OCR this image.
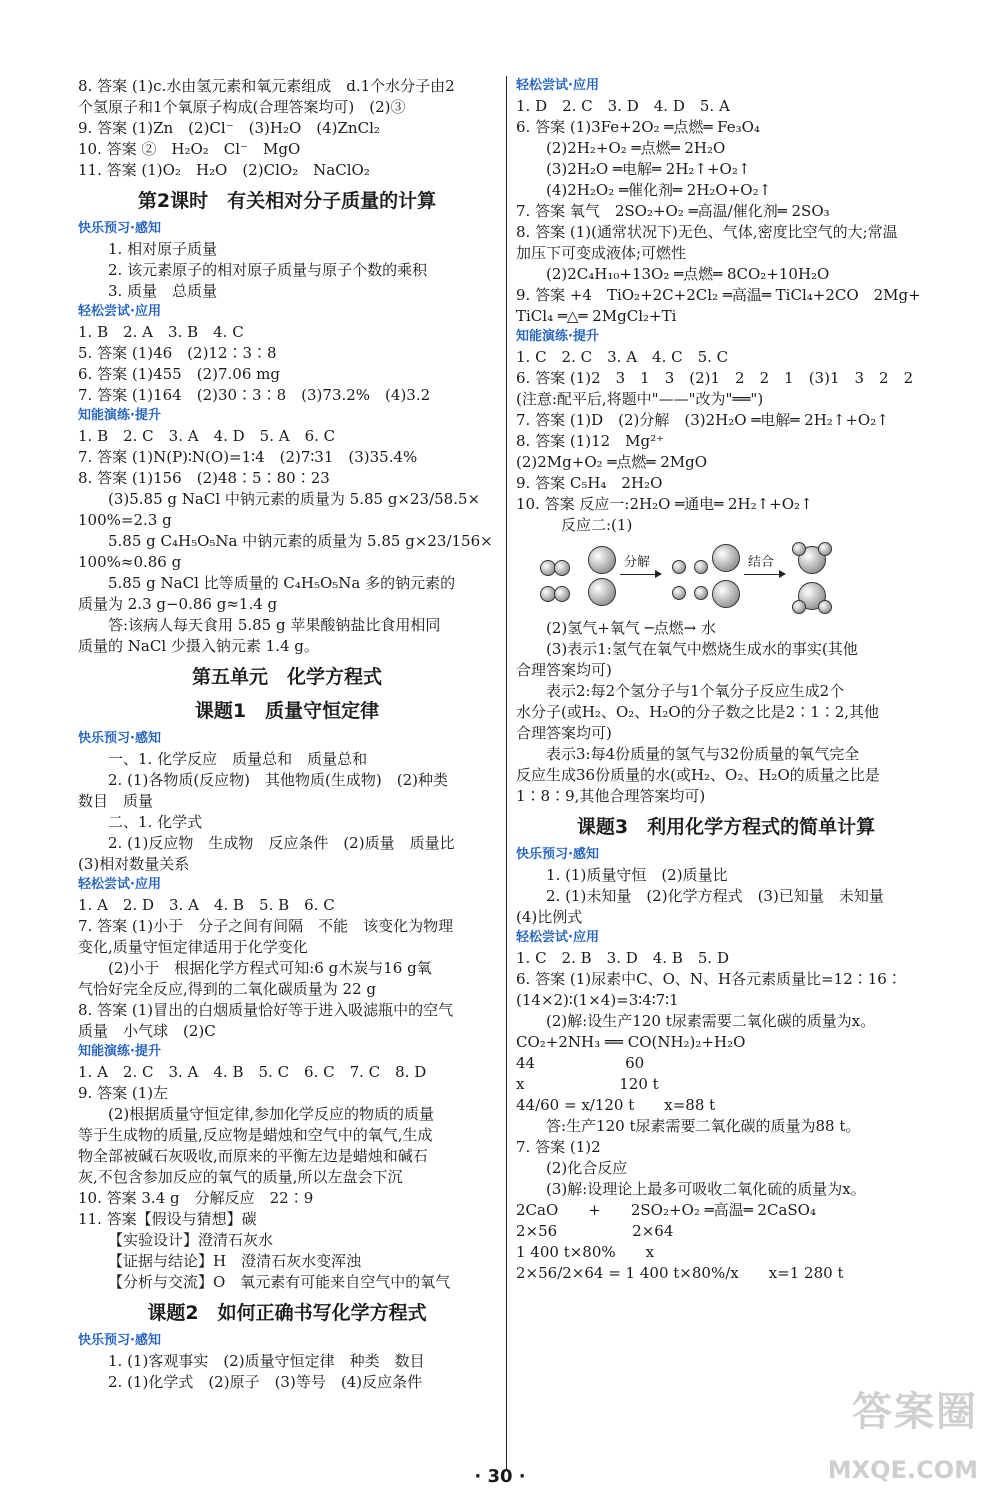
8. 答案 (1)c.水由氢元素和氧元素组成　d.1个水分子由2
个氢原子和1个氧原子构成(合理答案均可)　(2)③
9. 答案 (1)Zn　(2)Cl⁻　(3)H₂O　(4)ZnCl₂
10. 答案 ②　H₂O₂　Cl⁻　MgO
11. 答案 (1)O₂　H₂O　(2)ClO₂　NaClO₂
第2课时　有关相对分子质量的计算
快乐预习·感知
1. 相对原子质量
2. 该元素原子的相对原子质量与原子个数的乘积
3. 质量　总质量
轻松尝试·应用
1. B　2. A　3. B　4. C
5. 答案 (1)46　(2)12∶3∶8
6. 答案 (1)455　(2)7.06 mg
7. 答案 (1)164　(2)30∶3∶8　(3)73.2%　(4)3.2
知能演练·提升
1. B　2. C　3. A　4. D　5. A　6. C
7. 答案 (1)N(P)∶N(O)=1∶4　(2)7∶31　(3)35.4%
8. 答案 (1)156　(2)48∶5∶80∶23
(3)5.85 g NaCl 中钠元素的质量为 5.85 g×23/58.5×
100%=2.3 g
5.85 g C₄H₅O₅Na 中钠元素的质量为 5.85 g×23/156×
100%≈0.86 g
5.85 g NaCl 比等质量的 C₄H₅O₅Na 多的钠元素的
质量为 2.3 g−0.86 g≈1.4 g
答:该病人每天食用 5.85 g 苹果酸钠盐比食用相同
质量的 NaCl 少摄入钠元素 1.4 g。
第五单元　化学方程式
课题1　质量守恒定律
快乐预习·感知
一、1. 化学反应　质量总和　质量总和
2. (1)各物质(反应物)　其他物质(生成物)　(2)种类
数目　质量
二、1. 化学式
2. (1)反应物　生成物　反应条件　(2)质量　质量比
(3)相对数量关系
轻松尝试·应用
1. A　2. D　3. A　4. B　5. B　6. C
7. 答案 (1)小于　分子之间有间隔　不能　该变化为物理
变化,质量守恒定律适用于化学变化
(2)小于　根据化学方程式可知:6 g木炭与16 g氧
气恰好完全反应,得到的二氧化碳质量为 22 g
8. 答案 (1)冒出的白烟质量恰好等于进入吸滤瓶中的空气
质量　小气球　(2)C
知能演练·提升
1. A　2. C　3. A　4. B　5. C　6. C　7. C　8. D
9. 答案 (1)左
(2)根据质量守恒定律,参加化学反应的物质的质量
等于生成物的质量,反应物是蜡烛和空气中的氧气,生成
物全部被碱石灰吸收,而原来的平衡左边是蜡烛和碱石
灰,不包含参加反应的氧气的质量,所以左盘会下沉
10. 答案 3.4 g　分解反应　22∶9
11. 答案【假设与猜想】碳
【实验设计】澄清石灰水
【证据与结论】H　澄清石灰水变浑浊
【分析与交流】O　氧元素有可能来自空气中的氧气
课题2　如何正确书写化学方程式
快乐预习·感知
1. (1)客观事实　(2)质量守恒定律　种类　数目
2. (1)化学式　(2)原子　(3)等号　(4)反应条件
轻松尝试·应用
1. D　2. C　3. D　4. D　5. A
6. 答案 (1)3Fe+2O₂ ═点燃═ Fe₃O₄
(2)2H₂+O₂ ═点燃═ 2H₂O
(3)2H₂O ═电解═ 2H₂↑+O₂↑
(4)2H₂O₂ ═催化剂═ 2H₂O+O₂↑
7. 答案 氧气　2SO₂+O₂ ═高温/催化剂═ 2SO₃
8. 答案 (1)(通常状况下)无色、气体,密度比空气的大;常温
加压下可变成液体;可燃性
(2)2C₄H₁₀+13O₂ ═点燃═ 8CO₂+10H₂O
9. 答案 +4　TiO₂+2C+2Cl₂ ═高温═ TiCl₄+2CO　2Mg+
TiCl₄ ═△═ 2MgCl₂+Ti
知能演练·提升
1. C　2. C　3. A　4. C　5. C
6. 答案 (1)2　3　1　3　(2)1　2　2　1　(3)1　3　2　2
(注意:配平后,将题中"——"改为"══")
7. 答案 (1)D　(2)分解　(3)2H₂O ═电解═ 2H₂↑+O₂↑
8. 答案 (1)12　Mg²⁺
(2)2Mg+O₂ ═点燃═ 2MgO
9. 答案 C₅H₄　2H₂O
10. 答案 反应一:2H₂O ═通电═ 2H₂↑+O₂↑
反应二:(1)
分解	结合
(2)氢气+氧气 ─点燃→ 水
(3)表示1:氢气在氧气中燃烧生成水的事实(其他
合理答案均可)
表示2:每2个氢分子与1个氧分子反应生成2个
水分子(或H₂、O₂、H₂O的分子数之比是2∶1∶2,其他
合理答案均可)
表示3:每4份质量的氢气与32份质量的氧气完全
反应生成36份质量的水(或H₂、O₂、H₂O的质量之比是
1∶8∶9,其他合理答案均可)
课题3　利用化学方程式的简单计算
快乐预习·感知
1. (1)质量守恒　(2)质量比
2. (1)未知量　(2)化学方程式　(3)已知量　未知量
(4)比例式
轻松尝试·应用
1. C　2. B　3. D　4. B　5. D
6. 答案 (1)尿素中C、O、N、H各元素质量比=12∶16∶
(14×2)∶(1×4)=3∶4∶7∶1
(2)解:设生产120 t尿素需要二氧化碳的质量为x。
CO₂+2NH₃ ══ CO(NH₂)₂+H₂O
44　　　　　　60
x　　　　　　 120 t
44/60 = x/120 t　　x=88 t
答:生产120 t尿素需要二氧化碳的质量为88 t。
7. 答案 (1)2
(2)化合反应
(3)解:设理论上最多可吸收二氧化硫的质量为x。
2CaO　　+　　2SO₂+O₂ ═高温═ 2CaSO₄
2×56　　　　　2×64
1 400 t×80%　　x
2×56/2×64 = 1 400 t×80%/x　　x=1 280 t
· 30 ·
答案圈
MXQE.COM
